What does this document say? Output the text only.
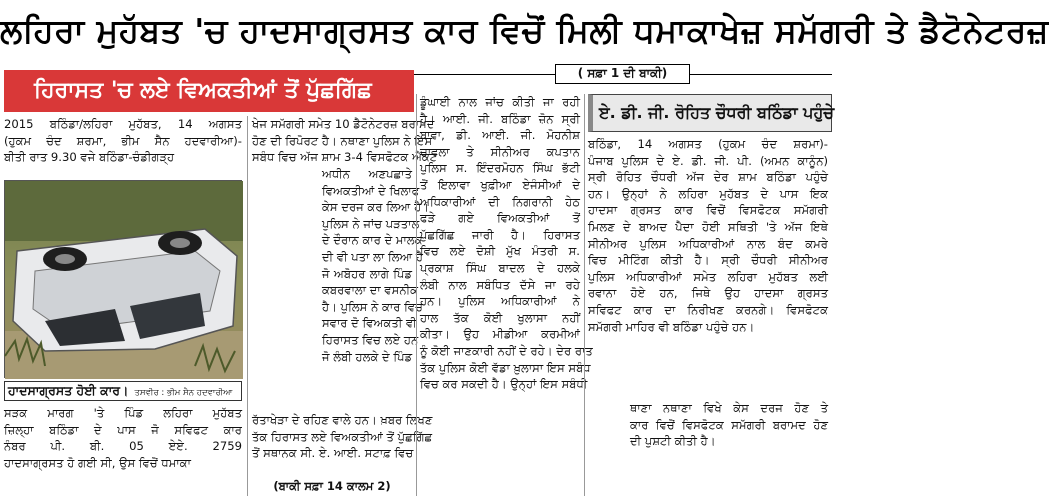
ਲਹਿਰਾ ਮੁਹੱਬਤ 'ਚ ਹਾਦਸਾਗ੍ਰਸਤ ਕਾਰ ਵਿਚੋਂ ਮਿਲੀ ਧਮਾਕਾਖੇਜ਼ ਸਮੱਗਰੀ ਤੇ ਡੈਟੋਨੇਟਰਜ਼
( ਸਫ਼ਾ 1 ਦੀ ਬਾਕੀ)
ਹਿਰਾਸਤ 'ਚ ਲਏ ਵਿਅਕਤੀਆਂ ਤੋਂ ਪੁੱਛਗਿੱਛ
ਏ. ਡੀ. ਜੀ. ਰੋਹਿਤ ਚੌਧਰੀ ਬਠਿੰਡਾ ਪਹੁੰਚੇ

2015 ਬਠਿੰਡਾ/ਲਹਿਰਾ ਮੁਹੱਬਤ, 14 ਅਗਸਤ

(ਹੁਕਮ ਚੰਦ ਸ਼ਰਮਾ, ਭੀਮ ਸੈਨ ਹਦਵਾਰੀਆ)-

ਬੀਤੀ ਰਾਤ 9.30 ਵਜੇ ਬਠਿੰਡਾ-ਚੰਡੀਗੜ੍ਹ

ਹਾਦਸਾਗ੍ਰਸਤ ਹੋਈ ਕਾਰ। ਤਸਵੀਰ : ਭੀਮ ਸੈਨ ਹਦਵਾਰੀਆ

ਸੜਕ ਮਾਰਗ 'ਤੇ ਪਿੰਡ ਲਹਿਰਾ ਮੁਹੱਬਤ

ਜ਼ਿਲ੍ਹਾ ਬਠਿੰਡਾ ਦੇ ਪਾਸ ਜੋ ਸਵਿਫਟ ਕਾਰ

ਨੰਬਰ ਪੀ. ਬੀ. 05 ਏਏ. 2759

ਹਾਦਸਾਗ੍ਰਸਤ ਹੋ ਗਈ ਸੀ, ਉਸ ਵਿਚੋਂ ਧਮਾਕਾ

ਖੇਜ ਸਮੱਗਰੀ ਸਮੇਤ 10 ਡੈਟੋਨੇਟਰਜ਼ ਬਰਾਮਦ

ਹੋਣ ਦੀ ਰਿਪੋਰਟ ਹੈ। ਨਥਾਣਾ ਪੁਲਿਸ ਨੇ ਇਸ

ਸਬੰਧ ਵਿਚ ਅੱਜ ਸ਼ਾਮ 3-4 ਵਿਸਫੋਟਕ ਐਕਟ

ਅਧੀਨ ਅਣਪਛਾਤੇ

ਵਿਅਕਤੀਆਂ ਦੇ ਖਿਲਾਫ

ਕੇਸ ਦਰਜ ਕਰ ਲਿਆ ਹੈ।

ਪੁਲਿਸ ਨੇ ਜਾਂਚ ਪੜਤਾਲ

ਦੇ ਦੌਰਾਨ ਕਾਰ ਦੇ ਮਾਲਕ

ਦੀ ਵੀ ਪਤਾ ਲਾ ਲਿਆ ਹੈ

ਜੋ ਅਬੋਹਰ ਲਾਗੇ ਪਿੰਡ

ਕਬਰਵਾਲਾ ਦਾ ਵਸਨੀਕ

ਹੈ। ਪੁਲਿਸ ਨੇ ਕਾਰ ਵਿਚ

ਸਵਾਰ ਦੋ ਵਿਅਕਤੀ ਵੀ

ਹਿਰਾਸਤ ਵਿਚ ਲਏ ਹਨ

ਜੋ ਲੰਬੀ ਹਲਕੇ ਦੇ ਪਿੰਡ

ਰੱਤਾਖੇੜਾ ਦੇ ਰਹਿਣ ਵਾਲੇ ਹਨ। ਖ਼ਬਰ ਲਿਖਣ

ਤੱਕ ਹਿਰਾਸਤ ਲਏ ਵਿਅਕਤੀਆਂ ਤੋਂ ਪੁੱਛਗਿੱਛ

ਤੋਂ ਸਥਾਨਕ ਸੀ. ਏ. ਆਈ. ਸਟਾਫ਼ ਵਿਚ

(ਬਾਕੀ ਸਫ਼ਾ 14 ਕਾਲਮ 2)

ਡੂੰਘਾਈ ਨਾਲ ਜਾਂਚ ਕੀਤੀ ਜਾ ਰਹੀ

ਹੈ। ਆਈ. ਜੀ. ਬਠਿੰਡਾ ਜ਼ੋਨ ਸ੍ਰੀ

ਬਾਵਾ, ਡੀ. ਆਈ. ਜੀ. ਮੋਹਨੀਸ਼

ਚਾਵਲਾ ਤੇ ਸੀਨੀਅਰ ਕਪਤਾਨ

ਪੁਲਿਸ ਸ. ਇੰਦਰਮੋਹਨ ਸਿੰਘ ਭੱਟੀ

ਤੋਂ ਇਲਾਵਾ ਖੁਫ਼ੀਆ ਏਜੰਸੀਆਂ ਦੇ

ਅਧਿਕਾਰੀਆਂ ਦੀ ਨਿਗਰਾਨੀ ਹੇਠ

ਫੜੇ ਗਏ ਵਿਅਕਤੀਆਂ ਤੋਂ

ਪੁੱਛਗਿੱਛ ਜਾਰੀ ਹੈ। ਹਿਰਾਸਤ

ਵਿਚ ਲਏ ਦੋਸ਼ੀ ਮੁੱਖ ਮੰਤਰੀ ਸ.

ਪ੍ਰਕਾਸ਼ ਸਿੰਘ ਬਾਦਲ ਦੇ ਹਲਕੇ

ਲੰਬੀ ਨਾਲ ਸਬੰਧਿਤ ਦੱਸੇ ਜਾ ਰਹੇ

ਹਨ। ਪੁਲਿਸ ਅਧਿਕਾਰੀਆਂ ਨੇ

ਹਾਲ ਤੱਕ ਕੋਈ ਖੁਲਾਸਾ ਨਹੀਂ

ਕੀਤਾ। ਉਹ ਮੀਡੀਆ ਕਰਮੀਆਂ

ਨੂੰ ਕੋਈ ਜਾਣਕਾਰੀ ਨਹੀਂ ਦੇ ਰਹੇ। ਦੇਰ ਰਾਤ

ਤੱਕ ਪੁਲਿਸ ਕੋਈ ਵੱਡਾ ਖ਼ੁਲਾਸਾ ਇਸ ਸਬੰਧ

ਵਿਚ ਕਰ ਸਕਦੀ ਹੈ। ਉਨ੍ਹਾਂ ਇਸ ਸਬੰਧੀ

ਬਠਿੰਡਾ, 14 ਅਗਸਤ (ਹੁਕਮ ਚੰਦ ਸ਼ਰਮਾ)-

ਪੰਜਾਬ ਪੁਲਿਸ ਦੇ ਏ. ਡੀ. ਜੀ. ਪੀ. (ਅਮਨ ਕਾਨੂੰਨ)

ਸ੍ਰੀ ਰੋਹਿਤ ਚੌਧਰੀ ਅੱਜ ਦੇਰ ਸ਼ਾਮ ਬਠਿੰਡਾ ਪਹੁੰਚੇ

ਹਨ। ਉਨ੍ਹਾਂ ਨੇ ਲਹਿਰਾ ਮੁਹੱਬਤ ਦੇ ਪਾਸ ਇਕ

ਹਾਦਸਾ ਗ੍ਰਸਤ ਕਾਰ ਵਿਚੋਂ ਵਿਸਫੋਟਕ ਸਮੱਗਰੀ

ਮਿਲਣ ਦੇ ਬਾਅਦ ਪੈਦਾ ਹੋਈ ਸਥਿਤੀ 'ਤੇ ਅੱਜ ਇਥੇ

ਸੀਨੀਅਰ ਪੁਲਿਸ ਅਧਿਕਾਰੀਆਂ ਨਾਲ ਬੰਦ ਕਮਰੇ

ਵਿਚ ਮੀਟਿੰਗ ਕੀਤੀ ਹੈ। ਸ੍ਰੀ ਚੌਧਰੀ ਸੀਨੀਅਰ

ਪੁਲਿਸ ਅਧਿਕਾਰੀਆਂ ਸਮੇਤ ਲਹਿਰਾ ਮੁਹੱਬਤ ਲਈ

ਰਵਾਨਾ ਹੋਏ ਹਨ, ਜਿਥੇ ਉਹ ਹਾਦਸਾ ਗ੍ਰਸਤ

ਸਵਿਫਟ ਕਾਰ ਦਾ ਨਿਰੀਖਣ ਕਰਨਗੇ। ਵਿਸਫੋਟਕ

ਸਮੱਗਰੀ ਮਾਹਿਰ ਵੀ ਬਠਿੰਡਾ ਪਹੁੰਚੇ ਹਨ।

ਥਾਣਾ ਨਥਾਣਾ ਵਿਖੇ ਕੇਸ ਦਰਜ ਹੋਣ ਤੇ

ਕਾਰ ਵਿਚੋਂ ਵਿਸਫੋਟਕ ਸਮੱਗਰੀ ਬਰਾਮਦ ਹੋਣ

ਦੀ ਪੁਸ਼ਟੀ ਕੀਤੀ ਹੈ।
